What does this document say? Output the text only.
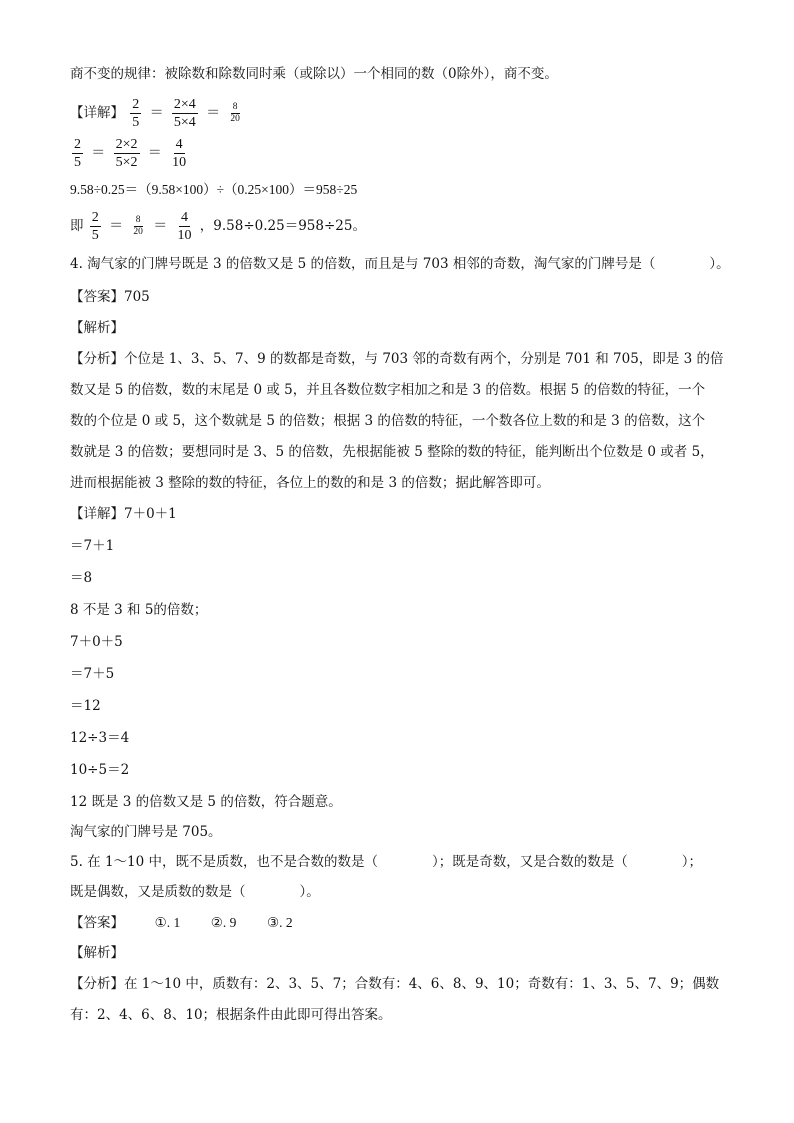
商不变的规律：被除数和除数同时乘（或除以）一个相同的数（0除外），商不变。
【详解】 $\frac{2}{5} = \frac{2\times 4}{5\times 4} = \frac{8}{20}$
$\frac{2}{5} = \frac{2\times 2}{5\times 2} = \frac{4}{10}$
9.58÷0.25＝（9.58×100）÷（0.25×100）＝958÷25
即 $\frac{2}{5} = \frac{8}{20} = \frac{4}{10}$ ，9.58÷0.25＝958÷25。
4. 淘气家的门牌号既是 3 的倍数又是 5 的倍数，而且是与 703 相邻的奇数，淘气家的门牌号是（　　　　）。
【答案】705
【解析】
【分析】个位是 1、3、5、7、9 的数都是奇数，与 703 邻的奇数有两个，分别是 701 和 705，即是 3 的倍
数又是 5 的倍数，数的末尾是 0 或 5，并且各数位数字相加之和是 3 的倍数。根据 5 的倍数的特征，一个
数的个位是 0 或 5，这个数就是 5 的倍数；根据 3 的倍数的特征，一个数各位上数的和是 3 的倍数，这个
数就是 3 的倍数；要想同时是 3、5 的倍数，先根据能被 5 整除的数的特征，能判断出个位数是 0 或者 5，
进而根据能被 3 整除的数的特征，各位上的数的和是 3 的倍数；据此解答即可。
【详解】7＋0＋1
＝7＋1
＝8
8 不是 3 和 5的倍数；
7＋0＋5
＝7＋5
＝12
12÷3＝4
10÷5＝2
12 既是 3 的倍数又是 5 的倍数，符合题意。
淘气家的门牌号是 705。
5. 在 1～10 中，既不是质数，也不是合数的数是（　　　　）；既是奇数，又是合数的数是（　　　　）；
既是偶数，又是质数的数是（　　　　）。
【答案】 ①. 1 ②. 9 ③. 2
【解析】
【分析】在 1～10 中，质数有：2、3、5、7；合数有：4、6、8、9、10；奇数有：1、3、5、7、9；偶数
有：2、4、6、8、10；根据条件由此即可得出答案。
